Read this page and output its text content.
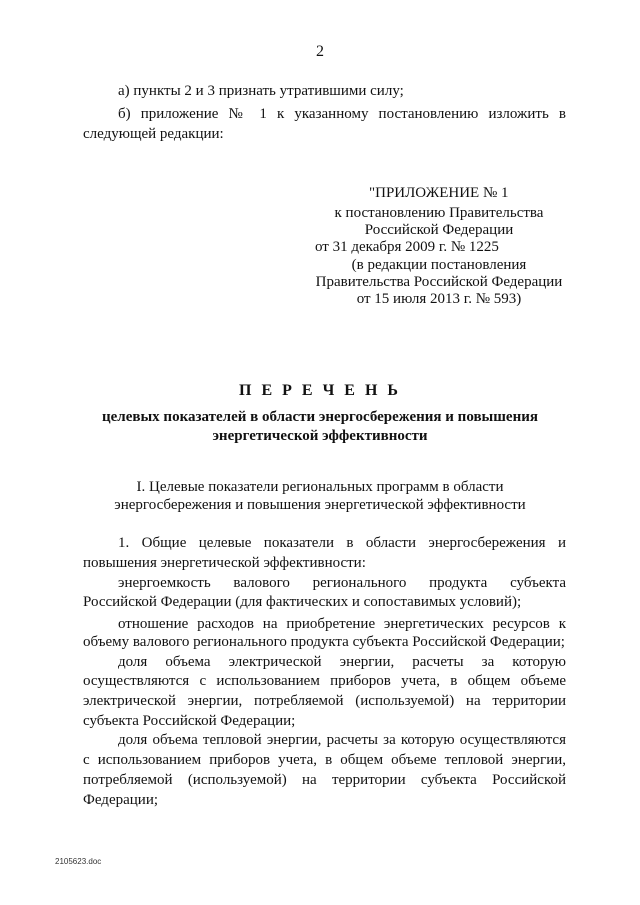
2
а) пункты 2 и 3 признать утратившими силу;
б) приложение № 1 к указанному постановлению изложить в
следующей редакции:
"ПРИЛОЖЕНИЕ № 1
к постановлению Правительства
Российской Федерации
от 31 декабря 2009 г. № 1225
(в редакции постановления
Правительства Российской Федерации
от 15 июля 2013 г. № 593)
П Е Р Е Ч Е Н Ь
целевых показателей в области энергосбережения и повышения
энергетической эффективности
I. Целевые показатели региональных программ в области
энергосбережения и повышения энергетической эффективности
1. Общие целевые показатели в области энергосбережения и
повышения энергетической эффективности:
энергоемкость валового регионального продукта субъекта
Российской Федерации (для фактических и сопоставимых условий);
отношение расходов на приобретение энергетических ресурсов к
объему валового регионального продукта субъекта Российской Федерации;
доля объема электрической энергии, расчеты за которую
осуществляются с использованием приборов учета, в общем объеме
электрической энергии, потребляемой (используемой) на территории
субъекта Российской Федерации;
доля объема тепловой энергии, расчеты за которую осуществляются
с использованием приборов учета, в общем объеме тепловой энергии,
потребляемой (используемой) на территории субъекта Российской
Федерации;
2105623.doc
